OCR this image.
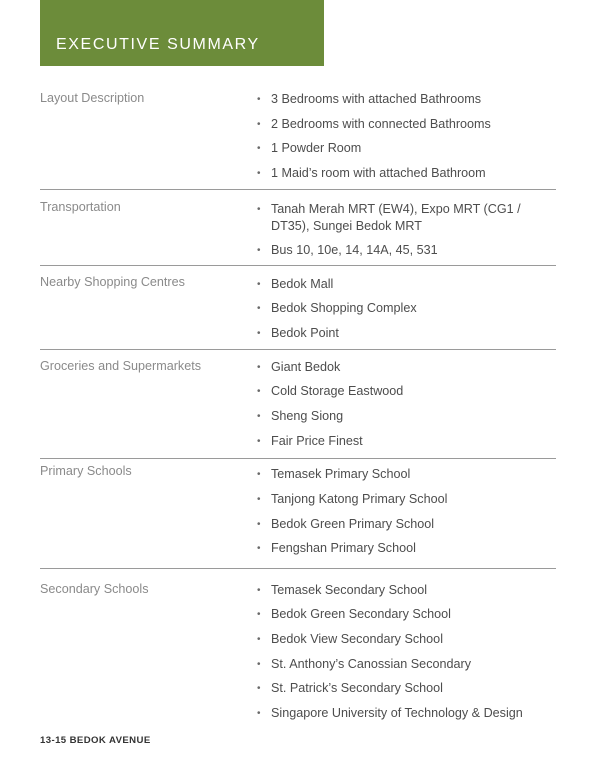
EXECUTIVE SUMMARY
Layout Description	• 3 Bedrooms with attached Bathrooms
• 2 Bedrooms with connected Bathrooms
• 1 Powder Room
• 1 Maid’s room with attached Bathroom
Transportation	• Tanah Merah MRT (EW4), Expo MRT (CG1 / DT35), Sungei Bedok MRT
• Bus 10, 10e, 14, 14A, 45, 531
Nearby Shopping Centres	• Bedok Mall
• Bedok Shopping Complex
• Bedok Point
Groceries and Supermarkets	• Giant Bedok
• Cold Storage Eastwood
• Sheng Siong
• Fair Price Finest
Primary Schools	• Temasek Primary School
• Tanjong Katong Primary School
• Bedok Green Primary School
• Fengshan Primary School
Secondary Schools	• Temasek Secondary School
• Bedok Green Secondary School
• Bedok View Secondary School
• St. Anthony’s Canossian Secondary
• St. Patrick’s Secondary School
• Singapore University of Technology & Design
13-15 BEDOK AVENUE
